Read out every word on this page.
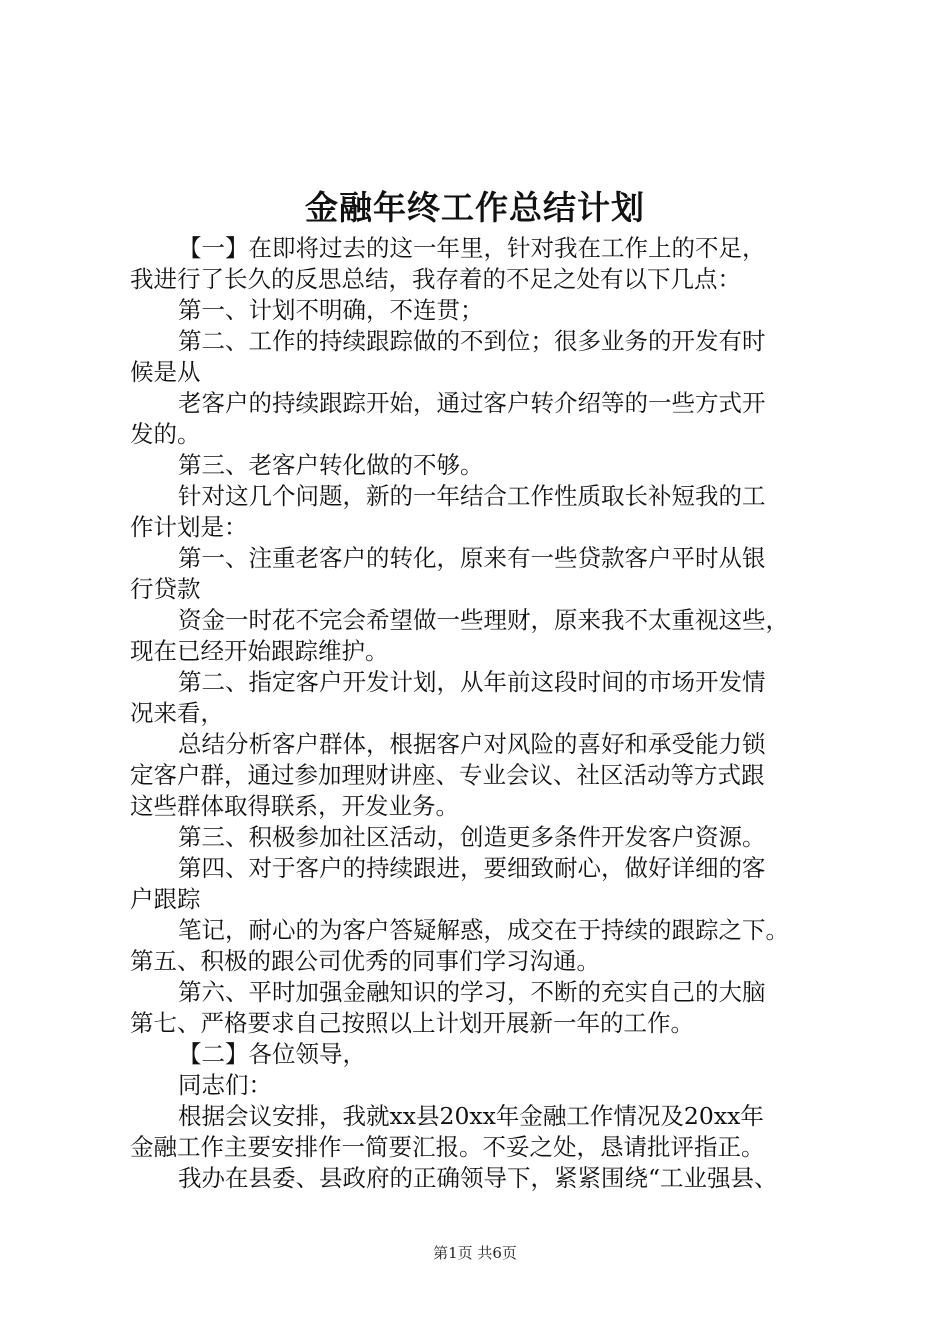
金融年终工作总结计划
【一】在即将过去的这一年里，针对我在工作上的不足，
我进行了长久的反思总结，我存着的不足之处有以下几点：
第一、计划不明确，不连贯；
第二、工作的持续跟踪做的不到位；很多业务的开发有时
候是从
老客户的持续跟踪开始，通过客户转介绍等的一些方式开
发的。
第三、老客户转化做的不够。
针对这几个问题，新的一年结合工作性质取长补短我的工
作计划是：
第一、注重老客户的转化，原来有一些贷款客户平时从银
行贷款
资金一时花不完会希望做一些理财，原来我不太重视这些，
现在已经开始跟踪维护。
第二、指定客户开发计划，从年前这段时间的市场开发情
况来看，
总结分析客户群体，根据客户对风险的喜好和承受能力锁
定客户群，通过参加理财讲座、专业会议、社区活动等方式跟
这些群体取得联系，开发业务。
第三、积极参加社区活动，创造更多条件开发客户资源。
第四、对于客户的持续跟进，要细致耐心，做好详细的客
户跟踪
笔记，耐心的为客户答疑解惑，成交在于持续的跟踪之下。
第五、积极的跟公司优秀的同事们学习沟通。
第六、平时加强金融知识的学习，不断的充实自己的大脑
第七、严格要求自己按照以上计划开展新一年的工作。
【二】各位领导，
同志们：
根据会议安排，我就xx县20xx年金融工作情况及20xx年
金融工作主要安排作一简要汇报。不妥之处，恳请批评指正。
我办在县委、县政府的正确领导下，紧紧围绕“工业强县、
第1页 共6页
